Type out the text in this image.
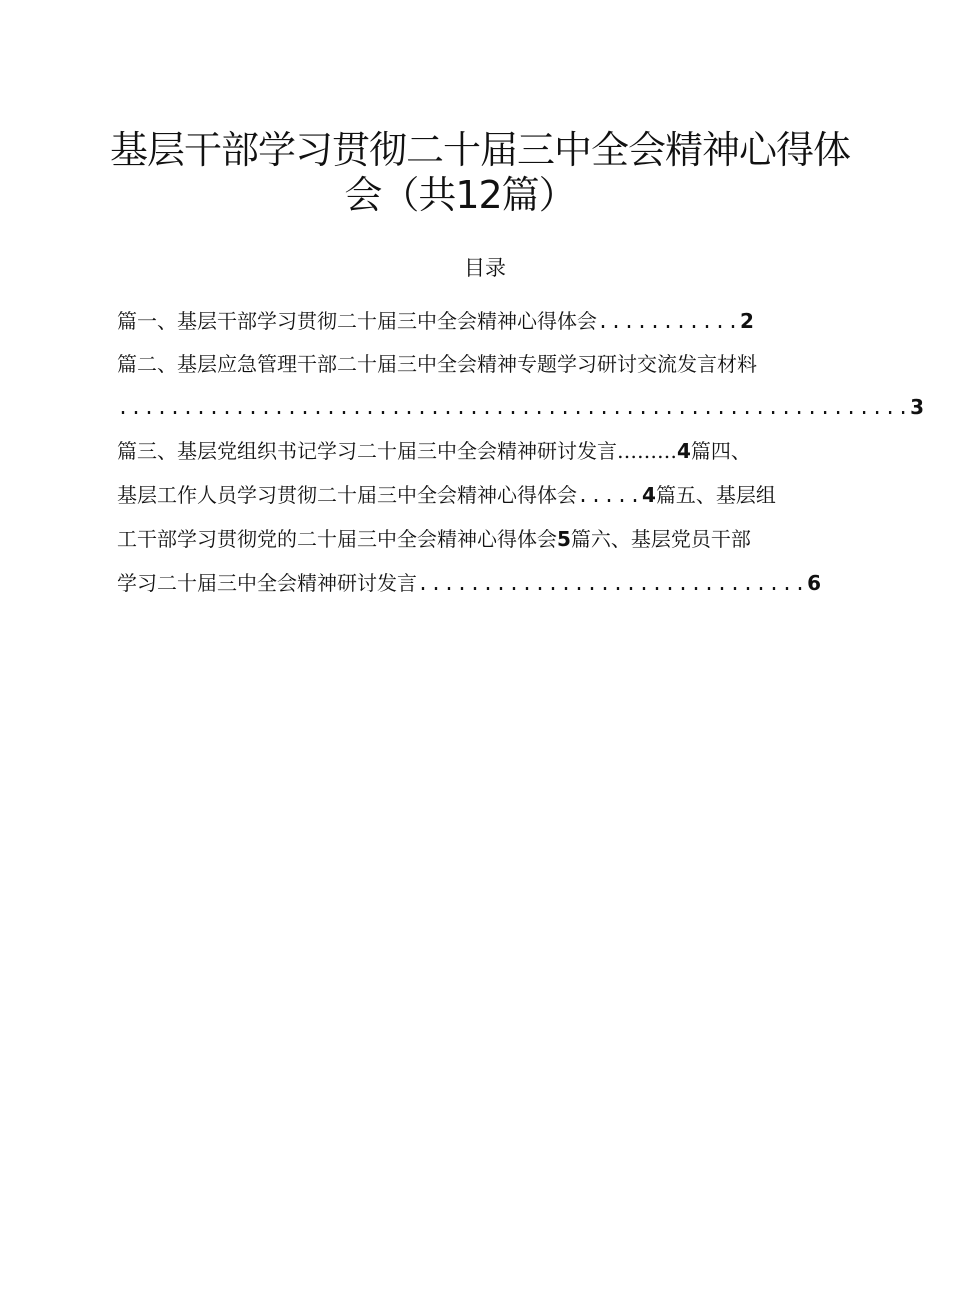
基层干部学习贯彻二十届三中全会精神心得体
会（共12篇）
目录
篇一、基层干部学习贯彻二十届三中全会精神心得体会...........2
篇二、基层应急管理干部二十届三中全会精神专题学习研讨交流发言材料
.............................................................3
篇三、基层党组织书记学习二十届三中全会精神研讨发言………4篇四、
基层工作人员学习贯彻二十届三中全会精神心得体会.....4篇五、基层组
工干部学习贯彻党的二十届三中全会精神心得体会5篇六、基层党员干部
学习二十届三中全会精神研讨发言..............................6
